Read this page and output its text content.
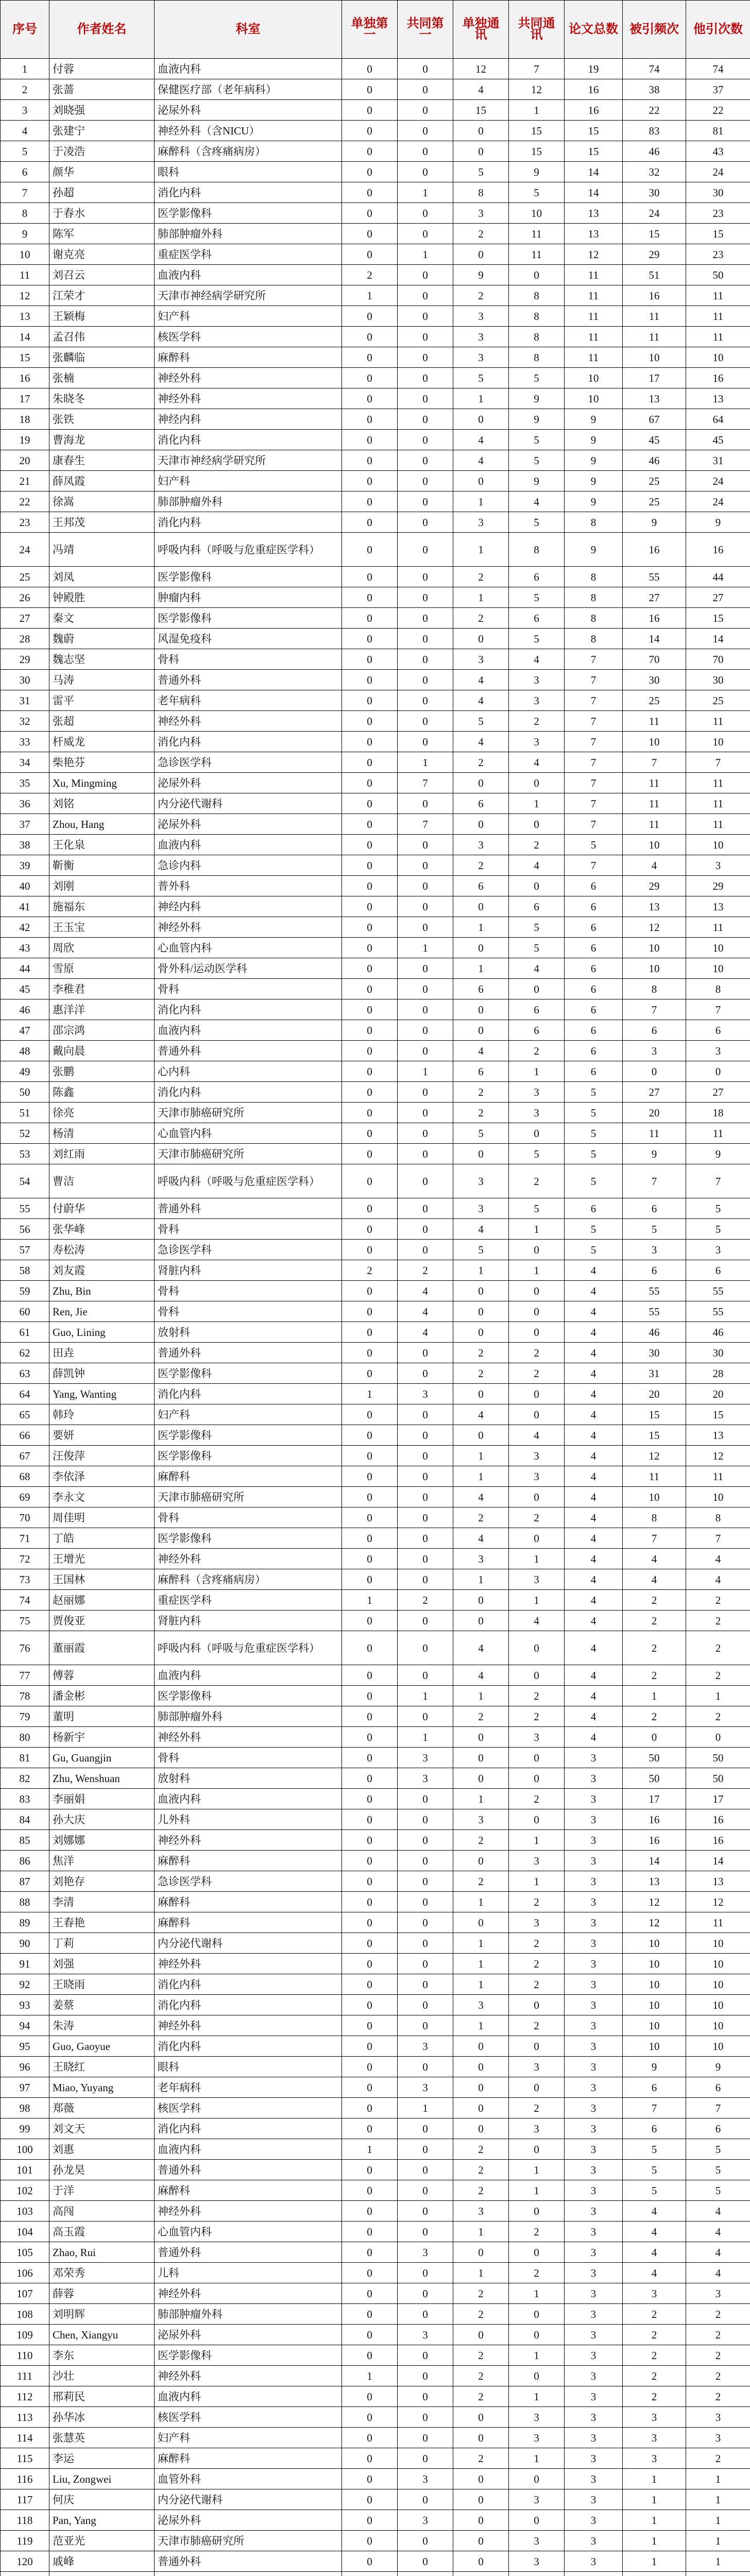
序号	作者姓名	科室	单独第一	共同第一	单独通讯	共同通讯	论文总数	被引频次	他引次数
1	付蓉	血液内科	0	0	12	7	19	74	74
2	张蔷	保健医疗部（老年病科）	0	0	4	12	16	38	37
3	刘晓强	泌尿外科	0	0	15	1	16	22	22
4	张建宁	神经外科（含NICU）	0	0	0	15	15	83	81
5	于凌浩	麻醉科（含疼痛病房）	0	0	0	15	15	46	43
6	颜华	眼科	0	0	5	9	14	32	24
7	孙超	消化内科	0	1	8	5	14	30	30
8	于春水	医学影像科	0	0	3	10	13	24	23
9	陈军	肺部肿瘤外科	0	0	2	11	13	15	15
10	谢克亮	重症医学科	0	1	0	11	12	29	23
11	刘召云	血液内科	2	0	9	0	11	51	50
12	江荣才	天津市神经病学研究所	1	0	2	8	11	16	11
13	王颖梅	妇产科	0	0	3	8	11	11	11
14	孟召伟	核医学科	0	0	3	8	11	11	11
15	张麟临	麻醉科	0	0	3	8	11	10	10
16	张楠	神经外科	0	0	5	5	10	17	16
17	朱晓冬	神经外科	0	0	1	9	10	13	13
18	张铁	神经内科	0	0	0	9	9	67	64
19	曹海龙	消化内科	0	0	4	5	9	45	45
20	康春生	天津市神经病学研究所	0	0	4	5	9	46	31
21	薛凤霞	妇产科	0	0	0	9	9	25	24
22	徐嵩	肺部肿瘤外科	0	0	1	4	9	25	24
23	王邦茂	消化内科	0	0	3	5	8	9	9
24	冯靖	呼吸内科（呼吸与危重症医学科）	0	0	1	8	9	16	16
25	刘凤	医学影像科	0	0	2	6	8	55	44
26	钟殿胜	肿瘤内科	0	0	1	5	8	27	27
27	秦文	医学影像科	0	0	2	6	8	16	15
28	魏蔚	风湿免疫科	0	0	0	5	8	14	14
29	魏志坚	骨科	0	0	3	4	7	70	70
30	马涛	普通外科	0	0	4	3	7	30	30
31	雷平	老年病科	0	0	4	3	7	25	25
32	张超	神经外科	0	0	5	2	7	11	11
33	杆威龙	消化内科	0	0	4	3	7	10	10
34	柴艳芬	急诊医学科	0	1	2	4	7	7	7
35	Xu, Mingming	泌尿外科	0	7	0	0	7	11	11
36	刘铭	内分泌代谢科	0	0	6	1	7	11	11
37	Zhou, Hang	泌尿外科	0	7	0	0	7	11	11
38	王化泉	血液内科	0	0	3	2	5	10	10
39	靳衡	急诊内科	0	0	2	4	7	4	3
40	刘刚	普外科	0	0	6	0	6	29	29
41	施福东	神经内科	0	0	0	6	6	13	13
42	王玉宝	神经外科	0	0	1	5	6	12	11
43	周欣	心血管内科	0	1	0	5	6	10	10
44	雪原	骨外科/运动医学科	0	0	1	4	6	10	10
45	李稚君	骨科	0	0	6	0	6	8	8
46	惠洋洋	消化内科	0	0	0	6	6	7	7
47	邵宗鸿	血液内科	0	0	0	6	6	6	6
48	戴向晨	普通外科	0	0	4	2	6	3	3
49	张鹏	心内科	0	1	6	1	6	0	0
50	陈鑫	消化内科	0	0	2	3	5	27	27
51	徐亮	天津市肺癌研究所	0	0	2	3	5	20	18
52	杨清	心血管内科	0	0	5	0	5	11	11
53	刘红雨	天津市肺癌研究所	0	0	0	5	5	9	9
54	曹洁	呼吸内科（呼吸与危重症医学科）	0	0	3	2	5	7	7
55	付蔚华	普通外科	0	0	3	5	6	6	5
56	张华峰	骨科	0	0	4	1	5	5	5
57	寿松涛	急诊医学科	0	0	5	0	5	3	3
58	刘友霞	肾脏内科	2	2	1	1	4	6	6
59	Zhu, Bin	骨科	0	4	0	0	4	55	55
60	Ren, Jie	骨科	0	4	0	0	4	55	55
61	Guo, Lining	放射科	0	4	0	0	4	46	46
62	田垚	普通外科	0	0	2	2	4	30	30
63	薛凯钟	医学影像科	0	0	2	2	4	31	28
64	Yang, Wanting	消化内科	1	3	0	0	4	20	20
65	韩玲	妇产科	0	0	4	0	4	15	15
66	要妍	医学影像科	0	0	0	4	4	15	13
67	汪俊萍	医学影像科	0	0	1	3	4	12	12
68	李依泽	麻醉科	0	0	1	3	4	11	11
69	李永文	天津市肺癌研究所	0	0	4	0	4	10	10
70	周佳明	骨科	0	0	2	2	4	8	8
71	丁皓	医学影像科	0	0	4	0	4	7	7
72	王增光	神经外科	0	0	3	1	4	4	4
73	王国林	麻醉科（含疼痛病房）	0	0	1	3	4	4	4
74	赵丽娜	重症医学科	1	2	0	1	4	2	2
75	贾俊亚	肾脏内科	0	0	0	4	4	2	2
76	董丽霞	呼吸内科（呼吸与危重症医学科）	0	0	4	0	4	2	2
77	傅蓉	血液内科	0	0	4	0	4	2	2
78	潘金彬	医学影像科	0	1	1	2	4	1	1
79	董明	肺部肿瘤外科	0	0	2	2	4	2	2
80	杨新宇	神经外科	0	1	0	3	4	0	0
81	Gu, Guangjin	骨科	0	3	0	0	3	50	50
82	Zhu, Wenshuan	放射科	0	3	0	0	3	50	50
83	李丽娟	血液内科	0	0	1	2	3	17	17
84	孙大庆	儿外科	0	0	3	0	3	16	16
85	刘娜娜	神经外科	0	0	2	1	3	16	16
86	焦洋	麻醉科	0	0	0	3	3	14	14
87	刘艳存	急诊医学科	0	0	2	1	3	13	13
88	李清	麻醉科	0	0	1	2	3	12	12
89	王春艳	麻醉科	0	0	0	3	3	12	11
90	丁莉	内分泌代谢科	0	0	1	2	3	10	10
91	刘强	神经外科	0	0	1	2	3	10	10
92	王晓雨	消化内科	0	0	1	2	3	10	10
93	姜蔡	消化内科	0	0	3	0	3	10	10
94	朱涛	神经外科	0	0	1	2	3	10	10
95	Guo, Gaoyue	消化内科	0	3	0	0	3	10	10
96	王晓红	眼科	0	0	0	3	3	9	9
97	Miao, Yuyang	老年病科	0	3	0	0	3	6	6
98	郑薇	核医学科	0	1	0	2	3	7	7
99	刘文天	消化内科	0	0	0	3	3	6	6
100	刘惠	血液内科	1	0	2	0	3	5	5
101	孙龙昊	普通外科	0	0	2	1	3	5	5
102	于洋	麻醉科	0	0	2	1	3	5	5
103	高闯	神经外科	0	0	3	0	3	4	4
104	高玉霞	心血管内科	0	0	1	2	3	4	4
105	Zhao, Rui	普通外科	0	3	0	0	3	4	4
106	邓荣秀	儿科	0	0	1	2	3	4	4
107	薛蓉	神经外科	0	0	2	1	3	3	3
108	刘明辉	肺部肿瘤外科	0	0	2	0	3	2	2
109	Chen, Xiangyu	泌尿外科	0	3	0	0	3	2	2
110	李东	医学影像科	0	0	2	1	3	2	2
111	沙壮	神经外科	1	0	2	0	3	2	2
112	邢莉民	血液内科	0	0	2	1	3	2	2
113	孙华冰	核医学科	0	0	0	3	3	3	3
114	张慧英	妇产科	0	0	0	3	3	3	3
115	李运	麻醉科	0	0	2	1	3	3	2
116	Liu, Zongwei	血管外科	0	3	0	0	3	1	1
117	何庆	内分泌代谢科	0	0	0	3	3	1	1
118	Pan, Yang	泌尿外科	0	3	0	0	3	1	1
119	范亚光	天津市肺癌研究所	0	0	0	3	3	1	1
120	戚峰	普通外科	0	0	0	3	3	1	1
